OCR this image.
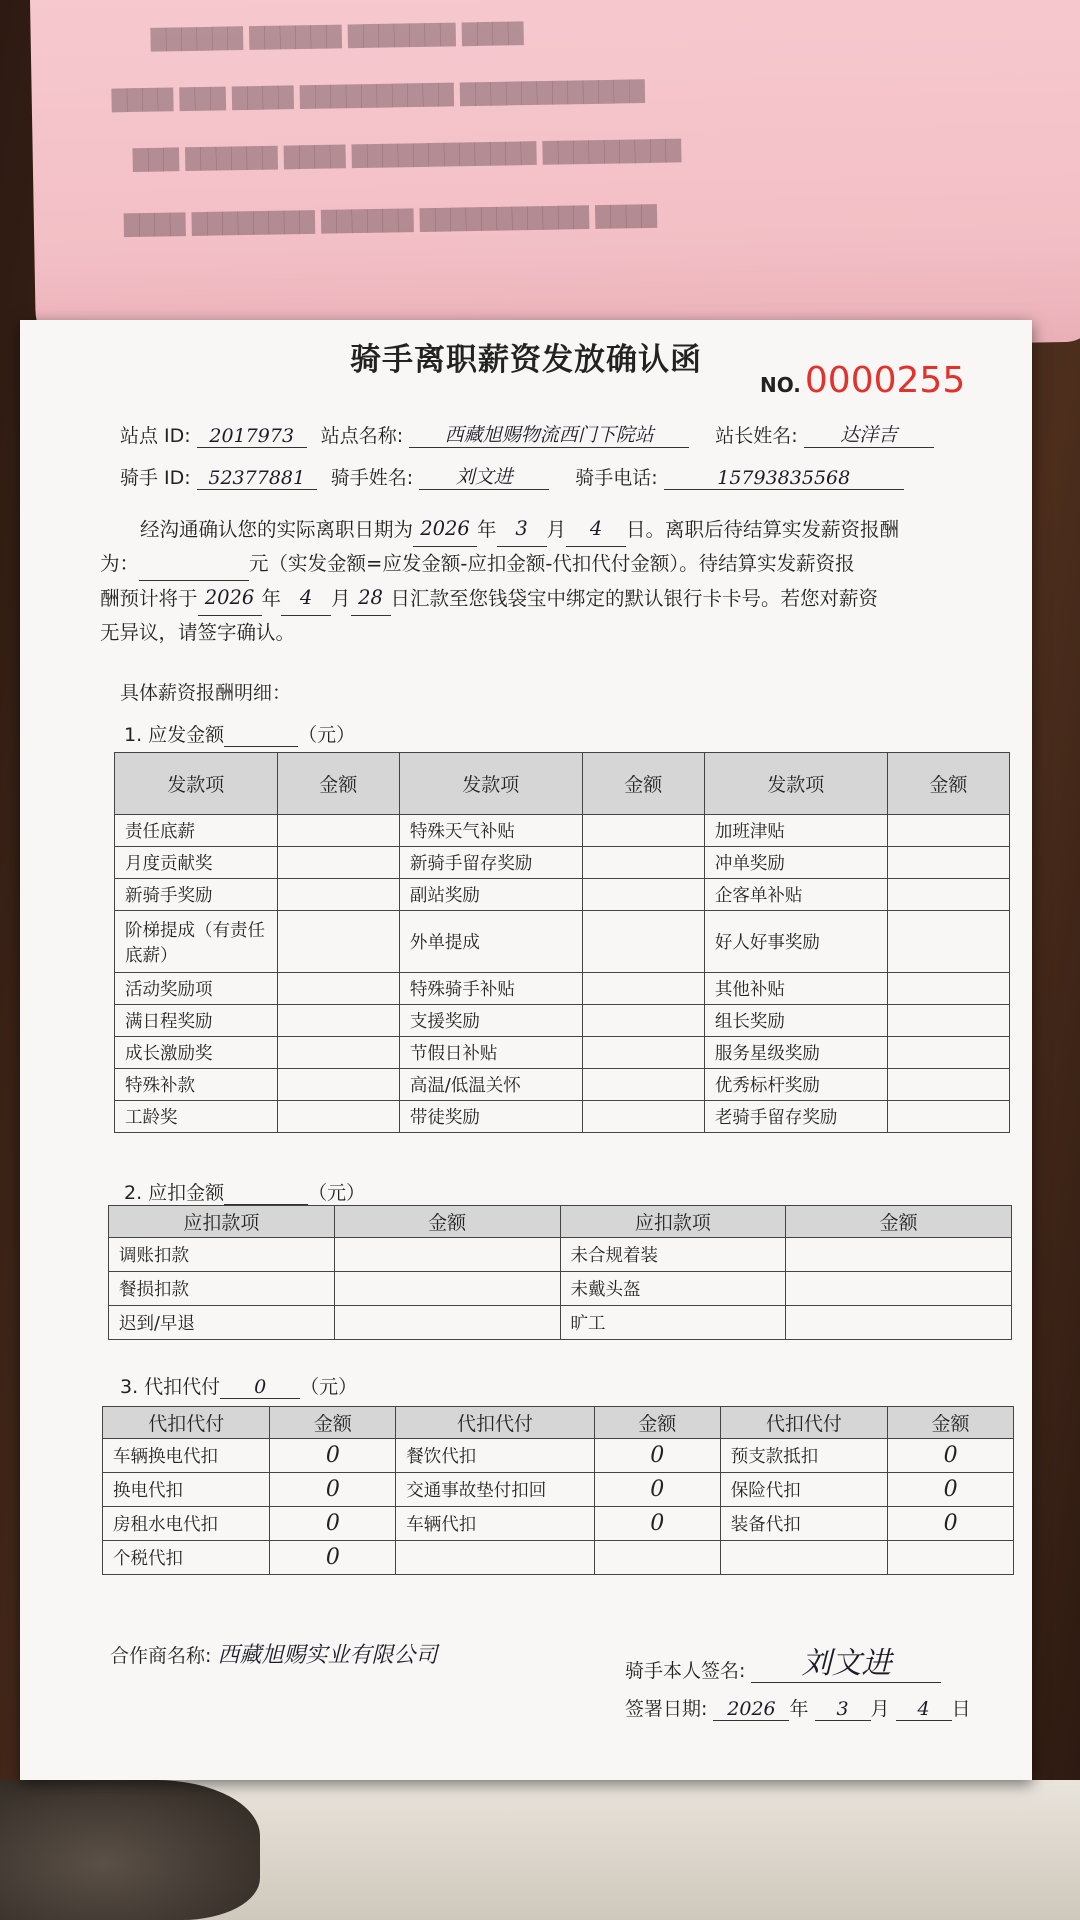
████ ███████ ██████ ██████
████████████ ██████████ ████ ███ ████
█████████ ████████████ ████ ██████ ███
████ ███████████ ██████ ████████ ████
骑手离职薪资发放确认函
NO. 0000255
站点 ID: 2017973 站点名称: 西藏旭赐物流西门下院站	站长姓名: 达洋吉
骑手 ID: 52377881 骑手姓名: 刘文进	骑手电话:	15793835568
经沟通确认您的实际离职日期为 2026 年 3 月 4 日。离职后待结算实发薪资报酬
为：	元（实发金额=应发金额-应扣金额-代扣代付金额）。待结算实发薪资报
酬预计将于 2026 年 4 月 28 日汇款至您钱袋宝中绑定的默认银行卡卡号。若您对薪资
无异议，请签字确认。
具体薪资报酬明细：
1. 应发金额	（元）
发款项	金额	发款项	金额	发款项	金额
责任底薪		特殊天气补贴		加班津贴	
月度贡献奖		新骑手留存奖励		冲单奖励	
新骑手奖励		副站奖励		企客单补贴	
阶梯提成（有责任底薪）		外单提成		好人好事奖励	
活动奖励项		特殊骑手补贴		其他补贴	
满日程奖励		支援奖励		组长奖励	
成长激励奖		节假日补贴		服务星级奖励	
特殊补款		高温/低温关怀		优秀标杆奖励	
工龄奖		带徒奖励		老骑手留存奖励	
2. 应扣金额	（元）
应扣款项	金额	应扣款项	金额
调账扣款		未合规着装	
餐损扣款		未戴头盔	
迟到/早退		旷工	
3. 代扣代付 0 （元）
代扣代付	金额	代扣代付	金额	代扣代付	金额
车辆换电代扣	0	餐饮代扣	0	预支款抵扣	0
换电代扣	0	交通事故垫付扣回	0	保险代扣	0
房租水电代扣	0	车辆代扣	0	装备代扣	0
个税代扣	0				
合作商名称: 西藏旭赐实业有限公司
骑手本人签名: 刘文进
签署日期: 2026 年 3 月 4 日
